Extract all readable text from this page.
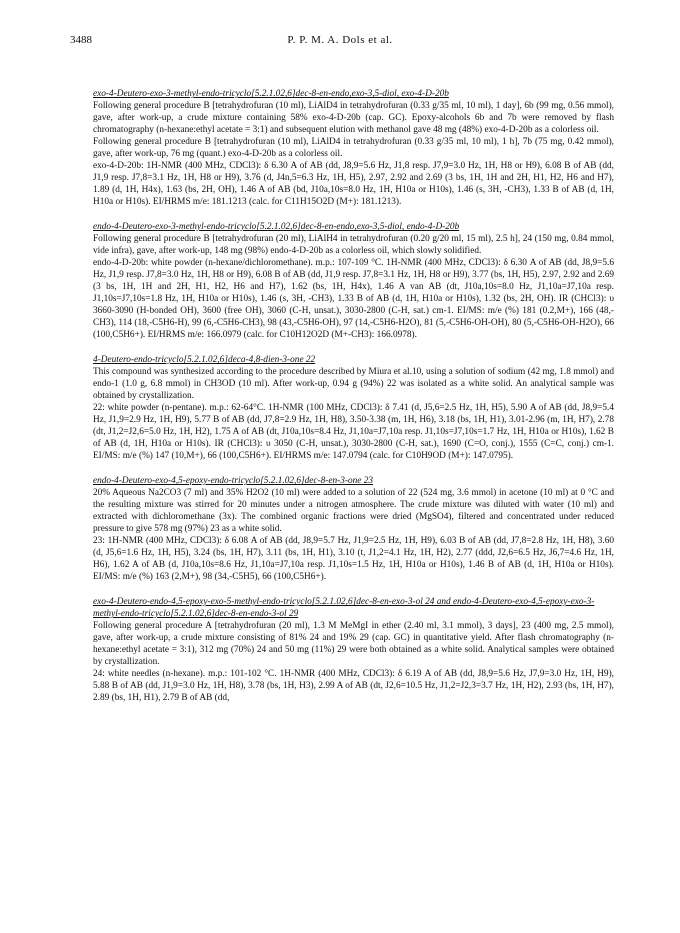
3488	P. P. M. A. Dols et al.
exo-4-Deutero-exo-3-methyl-endo-tricyclo[5.2.1.02,6]dec-8-en-endo,exo-3,5-diol, exo-4-D-20b

Following general procedure B [tetrahydrofuran (10 ml), LiAlD4 in tetrahydrofuran (0.33 g/35 ml, 10 ml), 1 day], 6b (99 mg, 0.56 mmol), gave, after work-up, a crude mixture containing 58% exo-4-D-20b (cap. GC). Epoxy-alcohols 6b and 7b were removed by flash chromatography (n-hexane:ethyl acetate = 3:1) and subsequent elution with methanol gave 48 mg (48%) exo-4-D-20b as a colorless oil.

Following general procedure B [tetrahydrofuran (10 ml), LiAlD4 in tetrahydrofuran (0.33 g/35 ml, 10 ml), 1 h], 7b (75 mg, 0.42 mmol), gave, after work-up, 76 mg (quant.) exo-4-D-20b as a colorless oil.

exo-4-D-20b: 1H-NMR (400 MHz, CDCl3): δ 6.30 A of AB (dd, J8,9=5.6 Hz, J1,8 resp. J7,9=3.0 Hz, 1H, H8 or H9), 6.08 B of AB (dd, J1,9 resp. J7,8=3.1 Hz, 1H, H8 or H9), 3.76 (d, J4n,5=6.3 Hz, 1H, H5), 2.97, 2.92 and 2.69 (3 bs, 1H, 1H and 2H, H1, H2, H6 and H7), 1.89 (d, 1H, H4x), 1.63 (bs, 2H, OH), 1.46 A of AB (bd, J10a,10s=8.0 Hz, 1H, H10a or H10s), 1.46 (s, 3H, -CH3), 1.33 B of AB (d, 1H, H10a or H10s). EI/HRMS m/e: 181.1213 (calc. for C11H15O2D (M+): 181.1213).

endo-4-Deutero-exo-3-methyl-endo-tricyclo[5.2.1.02,6]dec-8-en-endo,exo-3,5-diol, endo-4-D-20b

Following general procedure B [tetrahydrofuran (20 ml), LiAlH4 in tetrahydrofuran (0.20 g/20 ml, 15 ml), 2.5 h], 24 (150 mg, 0.84 mmol, vide infra), gave, after work-up, 148 mg (98%) endo-4-D-20b as a colorless oil, which slowly solidified.

endo-4-D-20b: white powder (n-hexane/dichloromethane). m.p.: 107-109 °C. 1H-NMR (400 MHz, CDCl3): δ 6.30 A of AB (dd, J8,9=5.6 Hz, J1,9 resp. J7,8=3.0 Hz, 1H, H8 or H9), 6.08 B of AB (dd, J1,9 resp. J7,8=3.1 Hz, 1H, H8 or H9), 3.77 (bs, 1H, H5), 2.97, 2.92 and 2.69 (3 bs, 1H, 1H and 2H, H1, H2, H6 and H7), 1.62 (bs, 1H, H4x), 1.46 A van AB (dt, J10a,10s=8.0 Hz, J1,10a=J7,10a resp. J1,10s=J7,10s=1.8 Hz, 1H, H10a or H10s), 1.46 (s, 3H, -CH3), 1.33 B of AB (d, 1H, H10a or H10s), 1.32 (bs, 2H, OH). IR (CHCl3): υ 3660-3090 (H-bonded OH), 3600 (free OH), 3060 (C-H, unsat.), 3030-2800 (C-H, sat.) cm-1. EI/MS: m/e (%) 181 (0.2,M+), 166 (48,-CH3), 114 (18,-C5H6-H), 99 (6,-C5H6-CH3), 98 (43,-C5H6-OH), 97 (14,-C5H6-H2O), 81 (5,-C5H6-OH-OH), 80 (5,-C5H6-OH-H2O), 66 (100,C5H6+). EI/HRMS m/e: 166.0979 (calc. for C10H12O2D (M+-CH3): 166.0978).

4-Deutero-endo-tricyclo[5.2.1.02,6]deca-4,8-dien-3-one 22

This compound was synthesized according to the procedure described by Miura et al.10, using a solution of sodium (42 mg, 1.8 mmol) and endo-1 (1.0 g, 6.8 mmol) in CH3OD (10 ml). After work-up, 0.94 g (94%) 22 was isolated as a white solid. An analytical sample was obtained by crystallization.

22: white powder (n-pentane). m.p.: 62-64°C. 1H-NMR (100 MHz, CDCl3): δ 7.41 (d, J5,6=2.5 Hz, 1H, H5), 5.90 A of AB (dd, J8,9=5.4 Hz, J1,9=2.9 Hz, 1H, H9), 5.77 B of AB (dd, J7,8=2.9 Hz, 1H, H8), 3.50-3.38 (m, 1H, H6), 3.18 (bs, 1H, H1), 3.01-2.96 (m, 1H, H7), 2.78 (dt, J1,2=J2,6=5.0 Hz, 1H, H2), 1.75 A of AB (dt, J10a,10s=8.4 Hz, J1,10a=J7,10a resp. J1,10s=J7,10s=1.7 Hz, 1H, H10a or H10s), 1.62 B of AB (d, 1H, H10a or H10s). IR (CHCl3): υ 3050 (C-H, unsat.), 3030-2800 (C-H, sat.), 1690 (C=O, conj.), 1555 (C=C, conj.) cm-1. EI/MS: m/e (%) 147 (10,M+), 66 (100,C5H6+). EI/HRMS m/e: 147.0794 (calc. for C10H9OD (M+): 147.0795).

endo-4-Deutero-exo-4,5-epoxy-endo-tricyclo[5.2.1.02,6]dec-8-en-3-one 23

20% Aqueous Na2CO3 (7 ml) and 35% H2O2 (10 ml) were added to a solution of 22 (524 mg, 3.6 mmol) in acetone (10 ml) at 0 °C and the resulting mixture was stirred for 20 minutes under a nitrogen atmosphere. The crude mixture was diluted with water (10 ml) and extracted with dichloromethane (3x). The combined organic fractions were dried (MgSO4), filtered and concentrated under reduced pressure to give 578 mg (97%) 23 as a white solid.

23: 1H-NMR (400 MHz, CDCl3): δ 6.08 A of AB (dd, J8,9=5.7 Hz, J1,9=2.5 Hz, 1H, H9), 6.03 B of AB (dd, J7,8=2.8 Hz, 1H, H8), 3.60 (d, J5,6=1.6 Hz, 1H, H5), 3.24 (bs, 1H, H7), 3.11 (bs, 1H, H1), 3.10 (t, J1,2=4.1 Hz, 1H, H2), 2.77 (ddd, J2,6=6.5 Hz, J6,7=4.6 Hz, 1H, H6), 1.62 A of AB (d, J10a,10s=8.6 Hz, J1,10a=J7,10a resp. J1,10s=1.5 Hz, 1H, H10a or H10s), 1.46 B of AB (d, 1H, H10a or H10s). EI/MS: m/e (%) 163 (2,M+), 98 (34,-C5H5), 66 (100,C5H6+).

exo-4-Deutero-endo-4,5-epoxy-exo-5-methyl-endo-tricyclo[5.2.1.02,6]dec-8-en-exo-3-ol 24 and endo-4-Deutero-exo-4,5-epoxy-exo-3-methyl-endo-tricyclo[5.2.1.02,6]dec-8-en-endo-3-ol 29

Following general procedure A [tetrahydrofuran (20 ml), 1.3 M MeMgI in ether (2.40 ml, 3.1 mmol), 3 days], 23 (400 mg, 2.5 mmol), gave, after work-up, a crude mixture consisting of 81% 24 and 19% 29 (cap. GC) in quantitative yield. After flash chromatography (n-hexane:ethyl acetate = 3:1), 312 mg (70%) 24 and 50 mg (11%) 29 were both obtained as a white solid. Analytical samples were obtained by crystallization.

24: white needles (n-hexane). m.p.: 101-102 °C. 1H-NMR (400 MHz, CDCl3): δ 6.19 A of AB (dd, J8,9=5.6 Hz, J7,9=3.0 Hz, 1H, H9), 5.88 B of AB (dd, J1,9=3.0 Hz, 1H, H8), 3.78 (bs, 1H, H3), 2.99 A of AB (dt, J2,6=10.5 Hz, J1,2=J2,3=3.7 Hz, 1H, H2), 2.93 (bs, 1H, H7), 2.89 (bs, 1H, H1), 2.79 B of AB (dd,
